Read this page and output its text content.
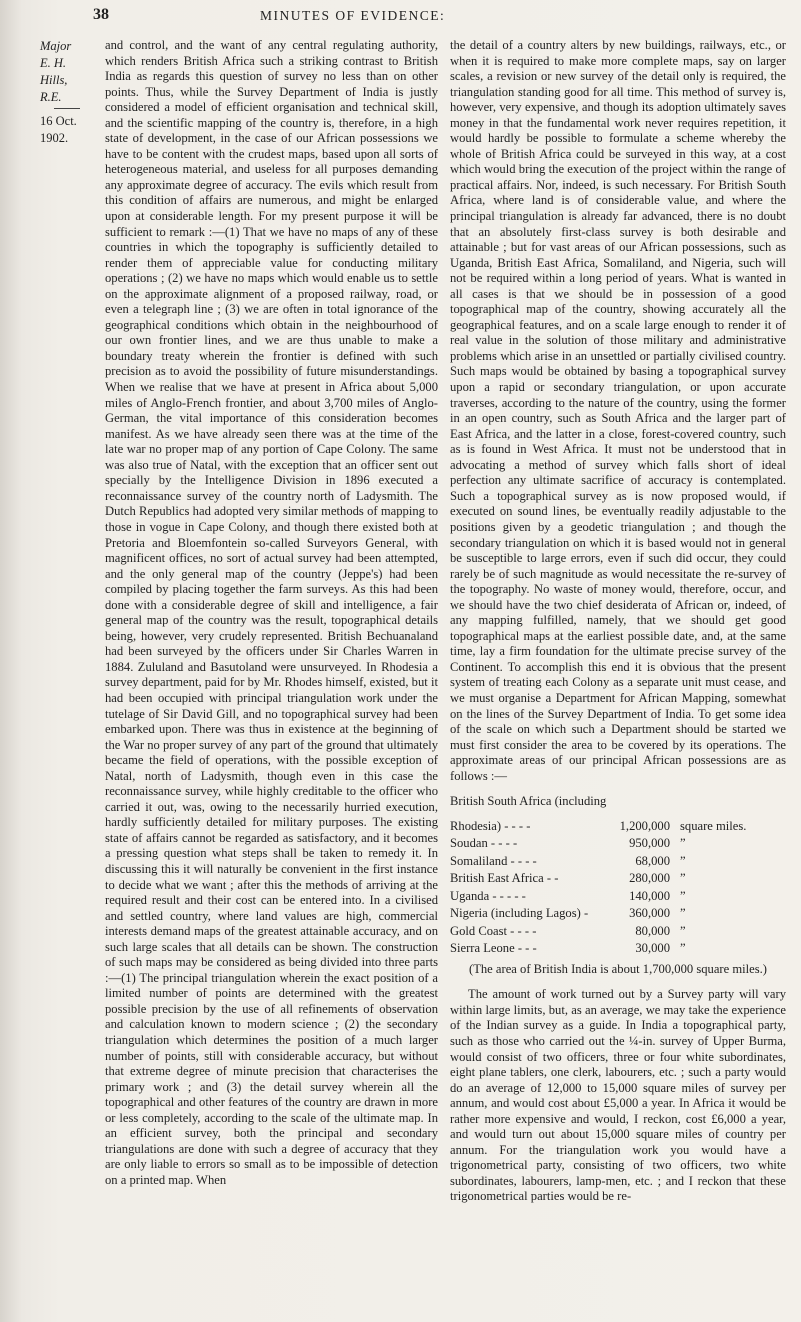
38	MINUTES OF EVIDENCE:
Major
E. H. Hills,
R.E.
16 Oct. 1902.

and control, and the want of any central regulating authority, which renders British Africa such a striking contrast to British India as regards this question of survey no less than on other points. Thus, while the Survey Department of India is justly considered a model of efficient organisation and technical skill, and the scientific mapping of the country is, therefore, in a high state of development, in the case of our African possessions we have to be content with the crudest maps, based upon all sorts of heterogeneous material, and useless for all purposes demanding any approximate degree of accuracy. The evils which result from this condition of affairs are numerous, and might be enlarged upon at considerable length. For my present purpose it will be sufficient to remark :—(1) That we have no maps of any of these countries in which the topography is sufficiently detailed to render them of appreciable value for conducting military operations ; (2) we have no maps which would enable us to settle on the approximate alignment of a proposed railway, road, or even a telegraph line ; (3) we are often in total ignorance of the geographical conditions which obtain in the neighbourhood of our own frontier lines, and we are thus unable to make a boundary treaty wherein the frontier is defined with such precision as to avoid the possibility of future misunderstandings. When we realise that we have at present in Africa about 5,000 miles of Anglo-French frontier, and about 3,700 miles of Anglo-German, the vital importance of this consideration becomes manifest. As we have already seen there was at the time of the late war no proper map of any portion of Cape Colony. The same was also true of Natal, with the exception that an officer sent out specially by the Intelligence Division in 1896 executed a reconnaissance survey of the country north of Ladysmith. The Dutch Republics had adopted very similar methods of mapping to those in vogue in Cape Colony, and though there existed both at Pretoria and Bloemfontein so-called Surveyors General, with magnificent offices, no sort of actual survey had been attempted, and the only general map of the country (Jeppe's) had been compiled by placing together the farm surveys. As this had been done with a considerable degree of skill and intelligence, a fair general map of the country was the result, topographical details being, however, very crudely represented. British Bechuanaland had been surveyed by the officers under Sir Charles Warren in 1884. Zululand and Basutoland were unsurveyed. In Rhodesia a survey department, paid for by Mr. Rhodes himself, existed, but it had been occupied with principal triangulation work under the tutelage of Sir David Gill, and no topographical survey had been embarked upon. There was thus in existence at the beginning of the War no proper survey of any part of the ground that ultimately became the field of operations, with the possible exception of Natal, north of Ladysmith, though even in this case the reconnaissance survey, while highly creditable to the officer who carried it out, was, owing to the necessarily hurried execution, hardly sufficiently detailed for military purposes. The existing state of affairs cannot be regarded as satisfactory, and it becomes a pressing question what steps shall be taken to remedy it. In discussing this it will naturally be convenient in the first instance to decide what we want ; after this the methods of arriving at the required result and their cost can be entered into. In a civilised and settled country, where land values are high, commercial interests demand maps of the greatest attainable accuracy, and on such large scales that all details can be shown. The construction of such maps may be considered as being divided into three parts :—(1) The principal triangulation wherein the exact position of a limited number of points are determined with the greatest possible precision by the use of all refinements of observation and calculation known to modern science ; (2) the secondary triangulation which determines the position of a much larger number of points, still with considerable accuracy, but without that extreme degree of minute precision that characterises the primary work ; and (3) the detail survey wherein all the topographical and other features of the country are drawn in more or less completely, according to the scale of the ultimate map. In an efficient survey, both the principal and secondary triangulations are done with such a degree of accuracy that they are only liable to errors so small as to be impossible of detection on a printed map. When

the detail of a country alters by new buildings, railways, etc., or when it is required to make more complete maps, say on larger scales, a revision or new survey of the detail only is required, the triangulation standing good for all time. This method of survey is, however, very expensive, and though its adoption ultimately saves money in that the fundamental work never requires repetition, it would hardly be possible to formulate a scheme whereby the whole of British Africa could be surveyed in this way, at a cost which would bring the execution of the project within the range of practical affairs. Nor, indeed, is such necessary. For British South Africa, where land is of considerable value, and where the principal triangulation is already far advanced, there is no doubt that an absolutely first-class survey is both desirable and attainable ; but for vast areas of our African possessions, such as Uganda, British East Africa, Somaliland, and Nigeria, such will not be required within a long period of years. What is wanted in all cases is that we should be in possession of a good topographical map of the country, showing accurately all the geographical features, and on a scale large enough to render it of real value in the solution of those military and administrative problems which arise in an unsettled or partially civilised country. Such maps would be obtained by basing a topographical survey upon a rapid or secondary triangulation, or upon accurate traverses, according to the nature of the country, using the former in an open country, such as South Africa and the larger part of East Africa, and the latter in a close, forest-covered country, such as is found in West Africa. It must not be understood that in advocating a method of survey which falls short of ideal perfection any ultimate sacrifice of accuracy is contemplated. Such a topographical survey as is now proposed would, if executed on sound lines, be eventually readily adjustable to the positions given by a geodetic triangulation ; and though the secondary triangulation on which it is based would not in general be susceptible to large errors, even if such did occur, they could rarely be of such magnitude as would necessitate the re-survey of the topography. No waste of money would, therefore, occur, and we should have the two chief desiderata of African or, indeed, of any mapping fulfilled, namely, that we should get good topographical maps at the earliest possible date, and, at the same time, lay a firm foundation for the ultimate precise survey of the Continent. To accomplish this end it is obvious that the present system of treating each Colony as a separate unit must cease, and we must organise a Department for African Mapping, somewhat on the lines of the Survey Department of India. To get some idea of the scale on which such a Department should be started we must first consider the area to be covered by its operations. The approximate areas of our principal African possessions are as follows :—

British South Africa (including
Rhodesia) - - - -	1,200,000	square miles.
Soudan - - - -	950,000	”
Somaliland - - - -	68,000	”
British East Africa - -	280,000	”
Uganda - - - - -	140,000	”
Nigeria (including Lagos) -	360,000	”
Gold Coast - - - -	80,000	”
Sierra Leone - - -	30,000	”
(The area of British India is about 1,700,000 square miles.)

The amount of work turned out by a Survey party will vary within large limits, but, as an average, we may take the experience of the Indian survey as a guide. In India a topographical party, such as those who carried out the ¼-in. survey of Upper Burma, would consist of two officers, three or four white subordinates, eight plane tablers, one clerk, labourers, etc. ; such a party would do an average of 12,000 to 15,000 square miles of survey per annum, and would cost about £5,000 a year. In Africa it would be rather more expensive and would, I reckon, cost £6,000 a year, and would turn out about 15,000 square miles of country per annum. For the triangulation work you would have a trigonometrical party, consisting of two officers, two white subordinates, labourers, lamp-men, etc. ; and I reckon that these trigonometrical parties would be re-
